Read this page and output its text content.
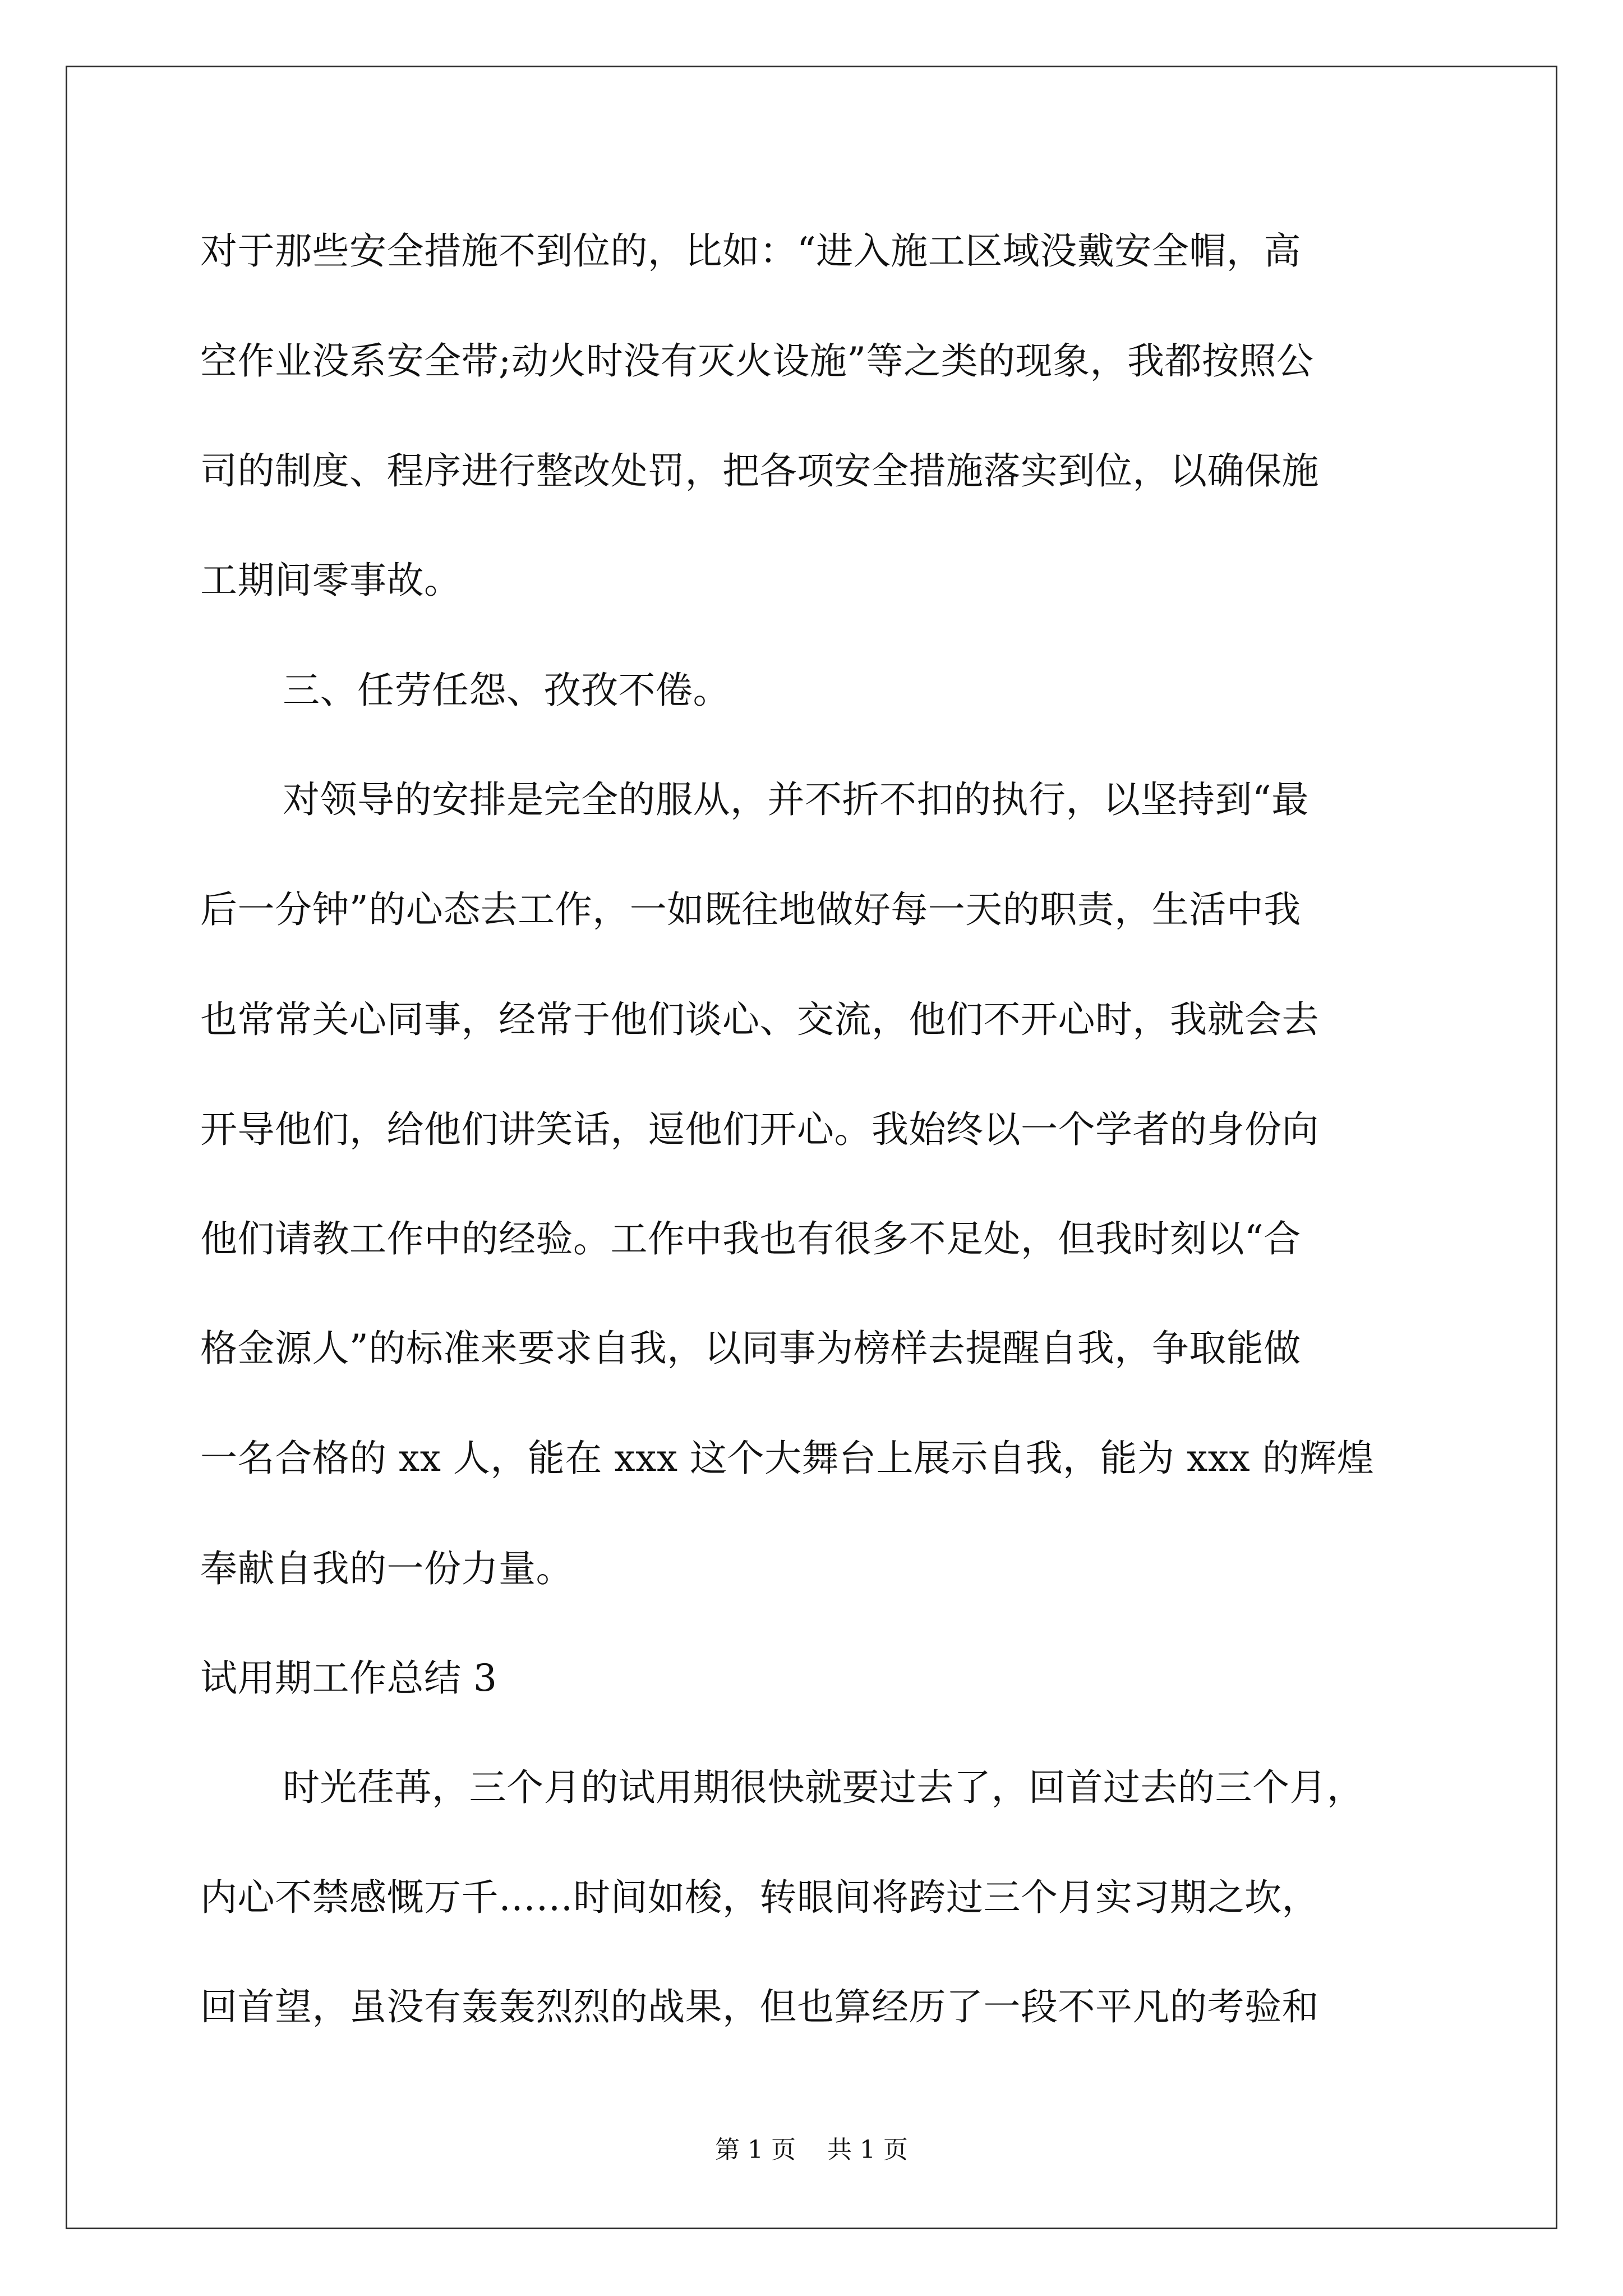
对于那些安全措施不到位的，比如：“进入施工区域没戴安全帽，高
空作业没系安全带;动火时没有灭火设施”等之类的现象，我都按照公
司的制度、程序进行整改处罚，把各项安全措施落实到位，以确保施
工期间零事故。
三、任劳任怨、孜孜不倦。
对领导的安排是完全的服从，并不折不扣的执行，以坚持到“最
后一分钟”的心态去工作，一如既往地做好每一天的职责，生活中我
也常常关心同事，经常于他们谈心、交流，他们不开心时，我就会去
开导他们，给他们讲笑话，逗他们开心。我始终以一个学者的身份向
他们请教工作中的经验。工作中我也有很多不足处，但我时刻以“合
格金源人”的标准来要求自我，以同事为榜样去提醒自我，争取能做
一名合格的 xx 人，能在 xxx 这个大舞台上展示自我，能为 xxx 的辉煌
奉献自我的一份力量。
试用期工作总结 3
时光荏苒，三个月的试用期很快就要过去了，回首过去的三个月，
内心不禁感慨万千……时间如梭，转眼间将跨过三个月实习期之坎，
回首望，虽没有轰轰烈烈的战果，但也算经历了一段不平凡的考验和
第 1 页    共 1 页
